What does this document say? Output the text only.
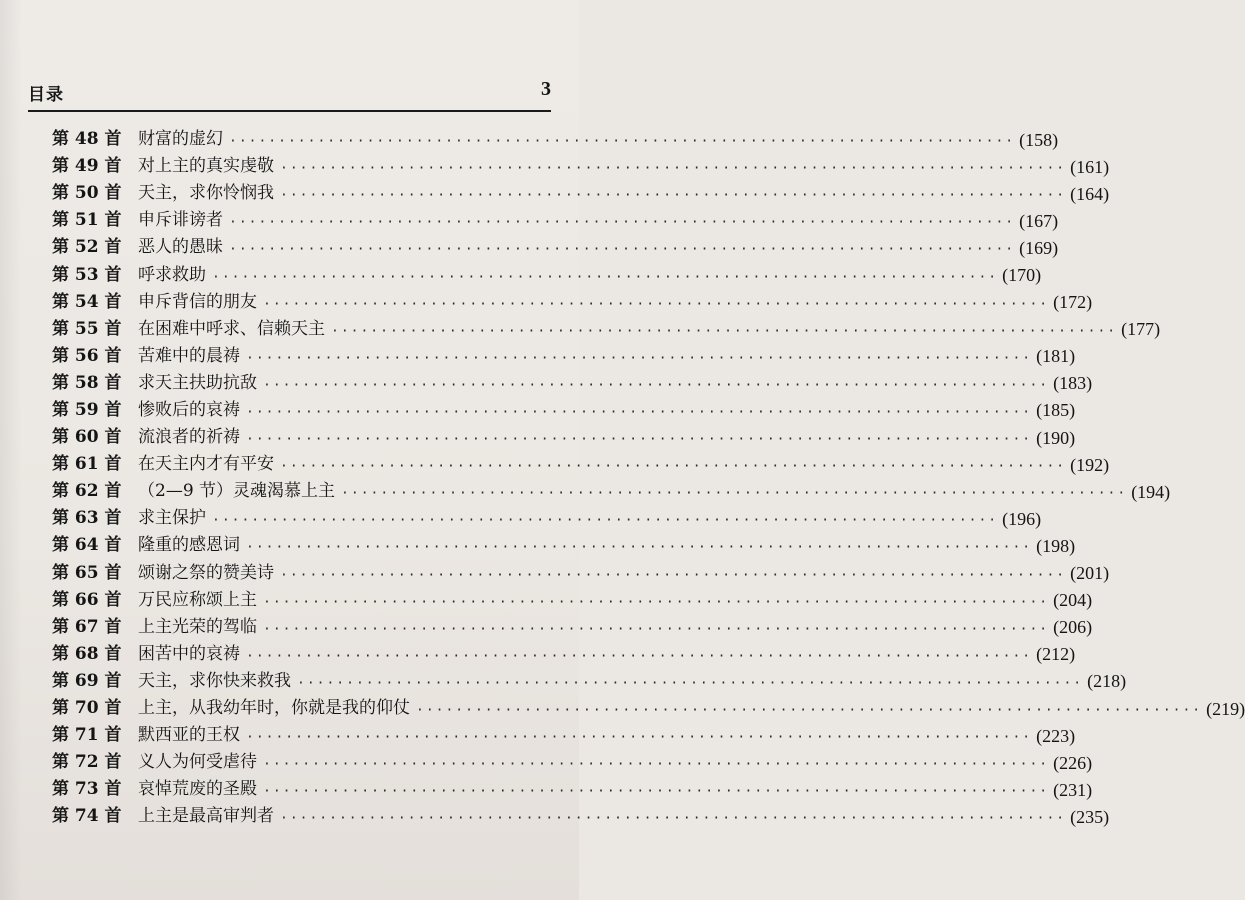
目录	3
第 48 首 财富的虚幻 ················································································ (158)
第 49 首 对上主的真实虔敬 ················································································ (161)
第 50 首 天主，求你怜悯我 ················································································ (164)
第 51 首 申斥诽谤者 ················································································ (167)
第 52 首 恶人的愚昧 ················································································ (169)
第 53 首 呼求救助 ················································································ (170)
第 54 首 申斥背信的朋友 ················································································ (172)
第 55 首 在困难中呼求、信赖天主 ················································································ (177)
第 56 首 苦难中的晨祷 ················································································ (181)
第 58 首 求天主扶助抗敌 ················································································ (183)
第 59 首 惨败后的哀祷 ················································································ (185)
第 60 首 流浪者的祈祷 ················································································ (190)
第 61 首 在天主内才有平安 ················································································ (192)
第 62 首 （2—9 节）灵魂渴慕上主 ················································································ (194)
第 63 首 求主保护 ················································································ (196)
第 64 首 隆重的感恩词 ················································································ (198)
第 65 首 颂谢之祭的赞美诗 ················································································ (201)
第 66 首 万民应称颂上主 ················································································ (204)
第 67 首 上主光荣的驾临 ················································································ (206)
第 68 首 困苦中的哀祷 ················································································ (212)
第 69 首 天主，求你快来救我 ················································································ (218)
第 70 首 上主，从我幼年时，你就是我的仰仗 ················································································ (219)
第 71 首 默西亚的王权 ················································································ (223)
第 72 首 义人为何受虐待 ················································································ (226)
第 73 首 哀悼荒废的圣殿 ················································································ (231)
第 74 首 上主是最高审判者 ················································································ (235)
